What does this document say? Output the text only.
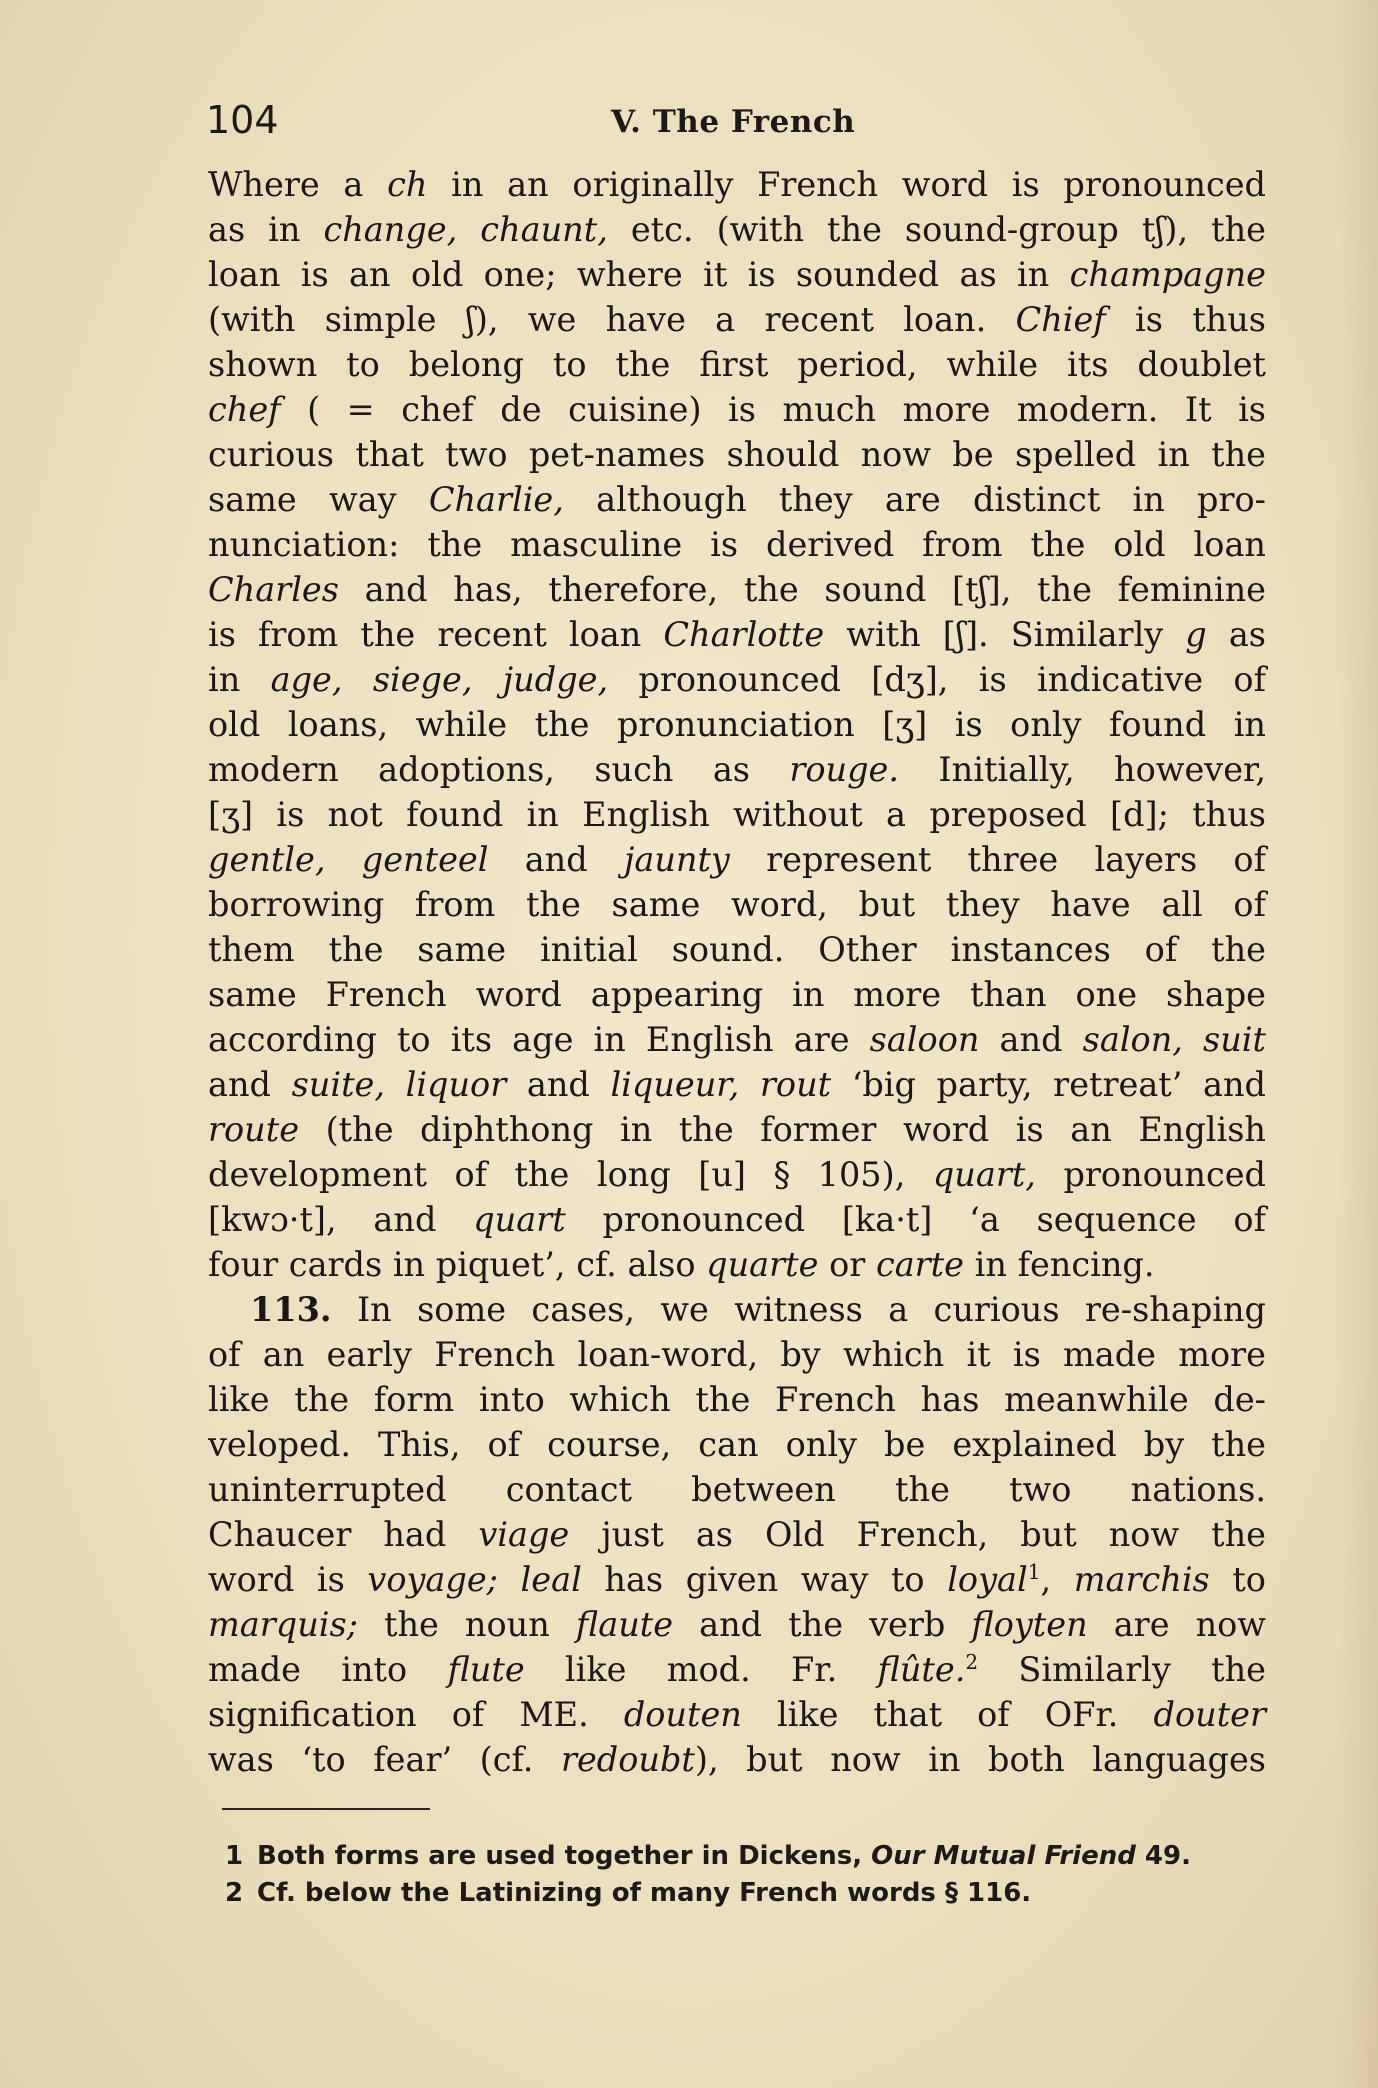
104	V. The French
Where a ch in an originally French word is pronounced
as in change, chaunt, etc. (with the sound-group tʃ), the
loan is an old one; where it is sounded as in champagne
(with simple ʃ), we have a recent loan. Chief is thus
shown to belong to the first period, while its doublet
chef ( = chef de cuisine) is much more modern. It is
curious that two pet-names should now be spelled in the
same way Charlie, although they are distinct in pro-
nunciation: the masculine is derived from the old loan
Charles and has, therefore, the sound [tʃ], the feminine
is from the recent loan Charlotte with [ʃ]. Similarly g as
in age, siege, judge, pronounced [dʒ], is indicative of
old loans, while the pronunciation [ʒ] is only found in
modern adoptions, such as rouge. Initially, however,
[ʒ] is not found in English without a preposed [d]; thus
gentle, genteel and jaunty represent three layers of
borrowing from the same word, but they have all of
them the same initial sound. Other instances of the
same French word appearing in more than one shape
according to its age in English are saloon and salon, suit
and suite, liquor and liqueur, rout ‘big party, retreat’ and
route (the diphthong in the former word is an English
development of the long [u] § 105), quart, pronounced
[kwɔ·t], and quart pronounced [ka·t] ‘a sequence of
four cards in piquet’, cf. also quarte or carte in fencing.
113. In some cases, we witness a curious re-shaping
of an early French loan-word, by which it is made more
like the form into which the French has meanwhile de-
veloped. This, of course, can only be explained by the
uninterrupted contact between the two nations.
Chaucer had viage just as Old French, but now the
word is voyage; leal has given way to loyal$^1$, marchis to
marquis; the noun flaute and the verb floyten are now
made into flute like mod. Fr. flûte.$^2$ Similarly the
signification of ME. douten like that of OFr. douter
was ‘to fear’ (cf. redoubt), but now in both languages
1 Both forms are used together in Dickens, Our Mutual Friend 49.
2 Cf. below the Latinizing of many French words § 116.
